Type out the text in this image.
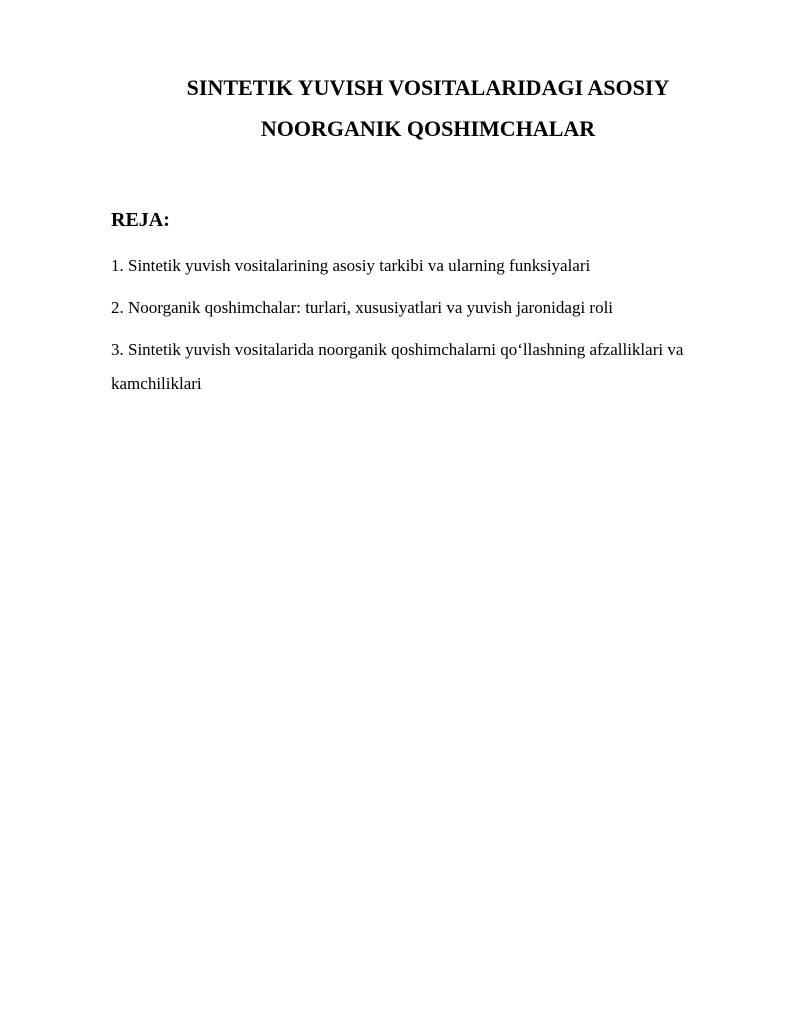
SINTETIK YUVISH VOSITALARIDAGI ASOSIY
NOORGANIK QOSHIMCHALAR
REJA:

1. Sintetik yuvish vositalarining asosiy tarkibi va ularning funksiyalari

2. Noorganik qoshimchalar: turlari, xususiyatlari va yuvish jaronidagi roli

3. Sintetik yuvish vositalarida noorganik qoshimchalarni qo‘llashning afzalliklari va kamchiliklari
